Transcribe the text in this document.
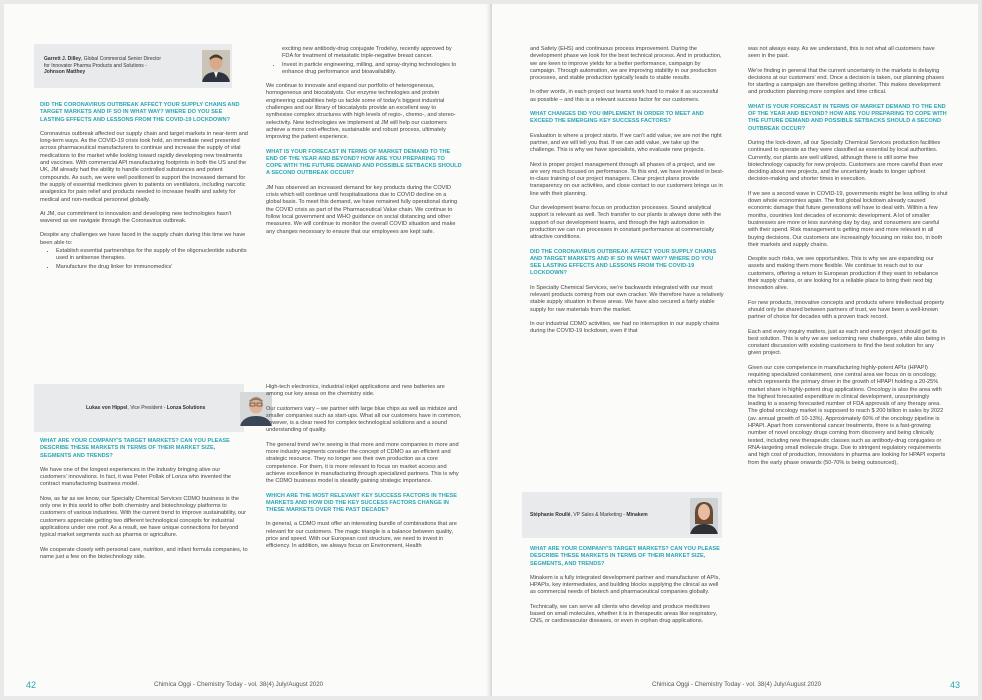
Garrett J. Dilley, Global Commercial Senior Director
for Innovator Pharma Products and Solutions -
Johnson Matthey
DID THE CORONAVIRUS OUTBREAK AFFECT YOUR SUPPLY CHAINS AND TARGET MARKETS AND IF SO IN WHAT WAY? WHERE DO YOU SEE LASTING EFFECTS AND LESSONS FROM THE COVID-19 LOCKDOWN?

Coronavirus outbreak affected our supply chain and target markets in near-term and long-term ways. As the COVID-19 crisis took hold, an immediate need presented across pharmaceutical manufacturers to continue and increase the supply of vital medications to the market while looking toward rapidly developing new treatments and vaccines. With commercial API manufacturing footprints in both the US and the UK, JM already had the ability to handle controlled substances and potent compounds. As such, we were well positioned to support the increased demand for the supply of essential medicines given to patients on ventilators, including narcotic analgesics for pain relief and products needed to increase health and safety for medical and non-medical personnel globally.

At JM, our commitment to innovation and developing new technologies hasn't wavered as we navigate through the Coronavirus outbreak.

Despite any challenges we have faced in the supply chain during this time we have been able to:

• Establish essential partnerships for the supply of the oligonucleotide subunits used in antisense therapies.
• Manufacture the drug linker for immunomedics'

exciting new antibody-drug conjugate Trodelvy, recently approved by FDA for treatment of metastatic triple-negative breast cancer.

• Invest in particle engineering, milling, and spray-drying technologies to enhance drug performance and bioavailability.

We continue to innovate and expand our portfolio of heterogeneous, homogeneous and biocatalysts. Our enzyme technologies and protein engineering capabilities help us tackle some of today's biggest industrial challenges and our library of biocatalysts provide an excellent way to synthesise complex structures with high levels of regio-, chemo-, and stereo-selectivity. New technologies we implement at JM will help our customers achieve a more cost-effective, sustainable and robust process, ultimately improving the patient experience.

WHAT IS YOUR FORECAST IN TERMS OF MARKET DEMAND TO THE END OF THE YEAR AND BEYOND? HOW ARE YOU PREPARING TO COPE WITH THE FUTURE DEMAND AND POSSIBLE SETBACKS SHOULD A SECOND OUTBREAK OCCUR?

JM has observed an increased demand for key products during the COVID crisis which will continue until hospitalisations due to COVID decline on a global basis. To meet this demand, we have remained fully operational during the COVID crisis as part of the Pharmaceutical Value chain. We continue to follow local government and WHO guidance on social distancing and other measures. We will continue to monitor the overall COVID situation and make any changes necessary to ensure that our employees are kept safe.

Lukas von Hippel, Vice President - Lonza Solutions
WHAT ARE YOUR COMPANY'S TARGET MARKETS? CAN YOU PLEASE DESCRIBE THESE MARKETS IN TERMS OF THEIR MARKET SIZE, SEGMENTS AND TRENDS?

We have one of the longest experiences in the industry bringing alive our customers' innovations. In fact, it was Peter Pollak of Lonza who invented the contract manufacturing business model.

Now, as far as we know, our Specialty Chemical Services CDMO business is the only one in this world to offer both chemistry and biotechnology platforms to customers of various industries. With the current trend to improve sustainability, our customers appreciate getting two different technological concepts for industrial applications under one roof. As a result, we have unique connections for beyond typical market segments such as pharma or agriculture.

We cooperate closely with personal care, nutrition, and infant formula companies, to name just a few on the biotechnology side.

High-tech electronics, industrial inkjet applications and new batteries are among our key areas on the chemistry side.

Our customers vary – we partner with large blue chips as well as midsize and smaller companies such as start-ups. What all our customers have in common, however, is a clear need for complex technological solutions and a sound understanding of quality.

The general trend we're seeing is that more and more companies in more and more industry segments consider the concept of CDMO as an efficient and strategic resource. They no longer see their own production as a core competence. For them, it is more relevant to focus on market access and achieve excellence in manufacturing through specialized partners. This is why the CDMO business model is steadily gaining strategic importance.

WHICH ARE THE MOST RELEVANT KEY SUCCESS FACTORS IN THESE MARKETS AND HOW DID THE KEY SUCCESS FACTORS CHANGE IN THESE MARKETS OVER THE PAST DECADE?

In general, a CDMO must offer an interesting bundle of combinations that are relevant for our customers. The magic triangle is a balance between quality, price and speed. With our European cost structure, we need to invest in efficiency. In addition, we always focus on Environment, Health

42	Chimica Oggi - Chemistry Today - vol. 38(4) July/August 2020

and Safety (EHS) and continuous process improvement. During the development phase we look for the best technical process. And in production, we are keen to improve yields for a better performance, campaign by campaign. Through automation, we are improving stability in our production processes, and stable production typically leads to stable results.

In other words, in each project our teams work hard to make it as successful as possible – and this is a relevant success factor for our customers.

WHAT CHANGES DID YOU IMPLEMENT IN ORDER TO MEET AND EXCEED THE EMERGING KEY SUCCESS FACTORS?

Evaluation is where a project starts. If we can't add value, we are not the right partner, and we will tell you that. If we can add value, we take up the challenge. This is why we have specialists, who evaluate new projects.

Next is proper project management through all phases of a project, and we are very much focused on performance. To this end, we have invested in best-in-class training of our project managers. Clear project plans provide transparency on our activities, and close contact to our customers brings us in line with their planning.

Our development teams focus on production processes. Sound analytical support is relevant as well. Tech transfer to our plants is always done with the support of our development teams, and through the high automation in production we can run processes in constant performance at commercially attractive conditions.

DID THE CORONAVIRUS OUTBREAK AFFECT YOUR SUPPLY CHAINS AND TARGET MARKETS AND IF SO IN WHAT WAY? WHERE DO YOU SEE LASTING EFFECTS AND LESSONS FROM THE COVID-19 LOCKDOWN?

In Specialty Chemical Services, we're backwards integrated with our most relevant products coming from our own cracker. We therefore have a relatively stable supply situation in these areas. We have also secured a fairly stable supply for raw materials from the market.

In our industrial CDMO activities, we had no interruption in our supply chains during the COVID-19 lockdown, even if that

Stéphanie Roullé, VP Sales & Marketing - Minakem
WHAT ARE YOUR COMPANY'S TARGET MARKETS? CAN YOU PLEASE DESCRIBE THESE MARKETS IN TERMS OF THEIR MARKET SIZE, SEGMENTS, AND TRENDS?

Minakem is a fully integrated development partner and manufacturer of APIs, HPAPIs, key intermediates, and building blocks supplying the clinical as well as commercial needs of biotech and pharmaceutical companies globally.

Technically, we can serve all clients who develop and produce medicines based on small molecules, whether it is in therapeutic areas like respiratory, CNS, or cardiovascular diseases, or even in orphan drug applications.

was not always easy. As we understand, this is not what all customers have seen in the past.

We're finding in general that the current uncertainty in the markets is delaying decisions at our customers' end. Once a decision is taken, our planning phases for starting a campaign are therefore getting shorter. This makes development and production planning more complex and time critical.

WHAT IS YOUR FORECAST IN TERMS OF MARKET DEMAND TO THE END OF THE YEAR AND BEYOND? HOW ARE YOU PREPARING TO COPE WITH THE FUTURE DEMAND AND POSSIBLE SETBACKS SHOULD A SECOND OUTBREAK OCCUR?

During the lock-down, all our Specialty Chemical Services production facilities continued to operate as they were classified as essential by local authorities. Currently, our plants are well utilized, although there is still some free biotechnology capacity for new projects. Customers are more careful than ever deciding about new projects, and the uncertainty leads to longer upfront decision-making and shorter times in execution.

If we see a second wave in COVID-19, governments might be less willing to shut down whole economies again. The first global lockdown already caused economic damage that future generations will have to deal with. Within a few months, countries lost decades of economic development. A lot of smaller businesses are more or less surviving day by day, and consumers are careful with their spend. Risk management is getting more and more relevant in all buying decisions. Our customers are increasingly focusing on risks too, in both their markets and supply chains.

Despite such risks, we see opportunities. This is why we are expanding our assets and making them more flexible. We continue to reach out to our customers, offering a return to European production if they want to rebalance their supply chains, or are looking for a reliable place to bring their next big innovation alive.

For new products, innovative concepts and products where intellectual property should only be shared between partners of trust, we have been a well-known partner of choice for decades with a proven track record.

Each and every inquiry matters, just as each and every project should get its best solution. This is why we are welcoming new challenges, while also being in constant discussion with existing customers to find the best solution for any given project.

Given our core competence in manufacturing highly-potent APIs (HPAPI) requiring specialized containment, one central area we focus on is oncology, which represents the primary driver in the growth of HPAPI holding a 20-25% market share in highly-potent drug applications. Oncology is also the area with the highest forecasted expenditure in clinical development, unsurprisingly leading to a soaring forecasted number of FDA approvals of any therapy area. The global oncology market is supposed to reach $ 200 billion in sales by 2022 (av. annual growth of 10-13%). Approximately 60% of the oncology pipeline is HPAPI. Apart from conventional cancer treatments, there is a fast-growing number of novel oncology drugs coming from discovery and being clinically tested, including new therapeutic classes such as antibody-drug conjugates or RNA-targeting small molecule drugs. Due to stringent regulatory requirements and high cost of production, innovators in pharma are looking for HPAPI experts from the early phase onwards (50-70% is being outsourced),

Chimica Oggi - Chemistry Today - vol. 38(4) July/August 2020	43
